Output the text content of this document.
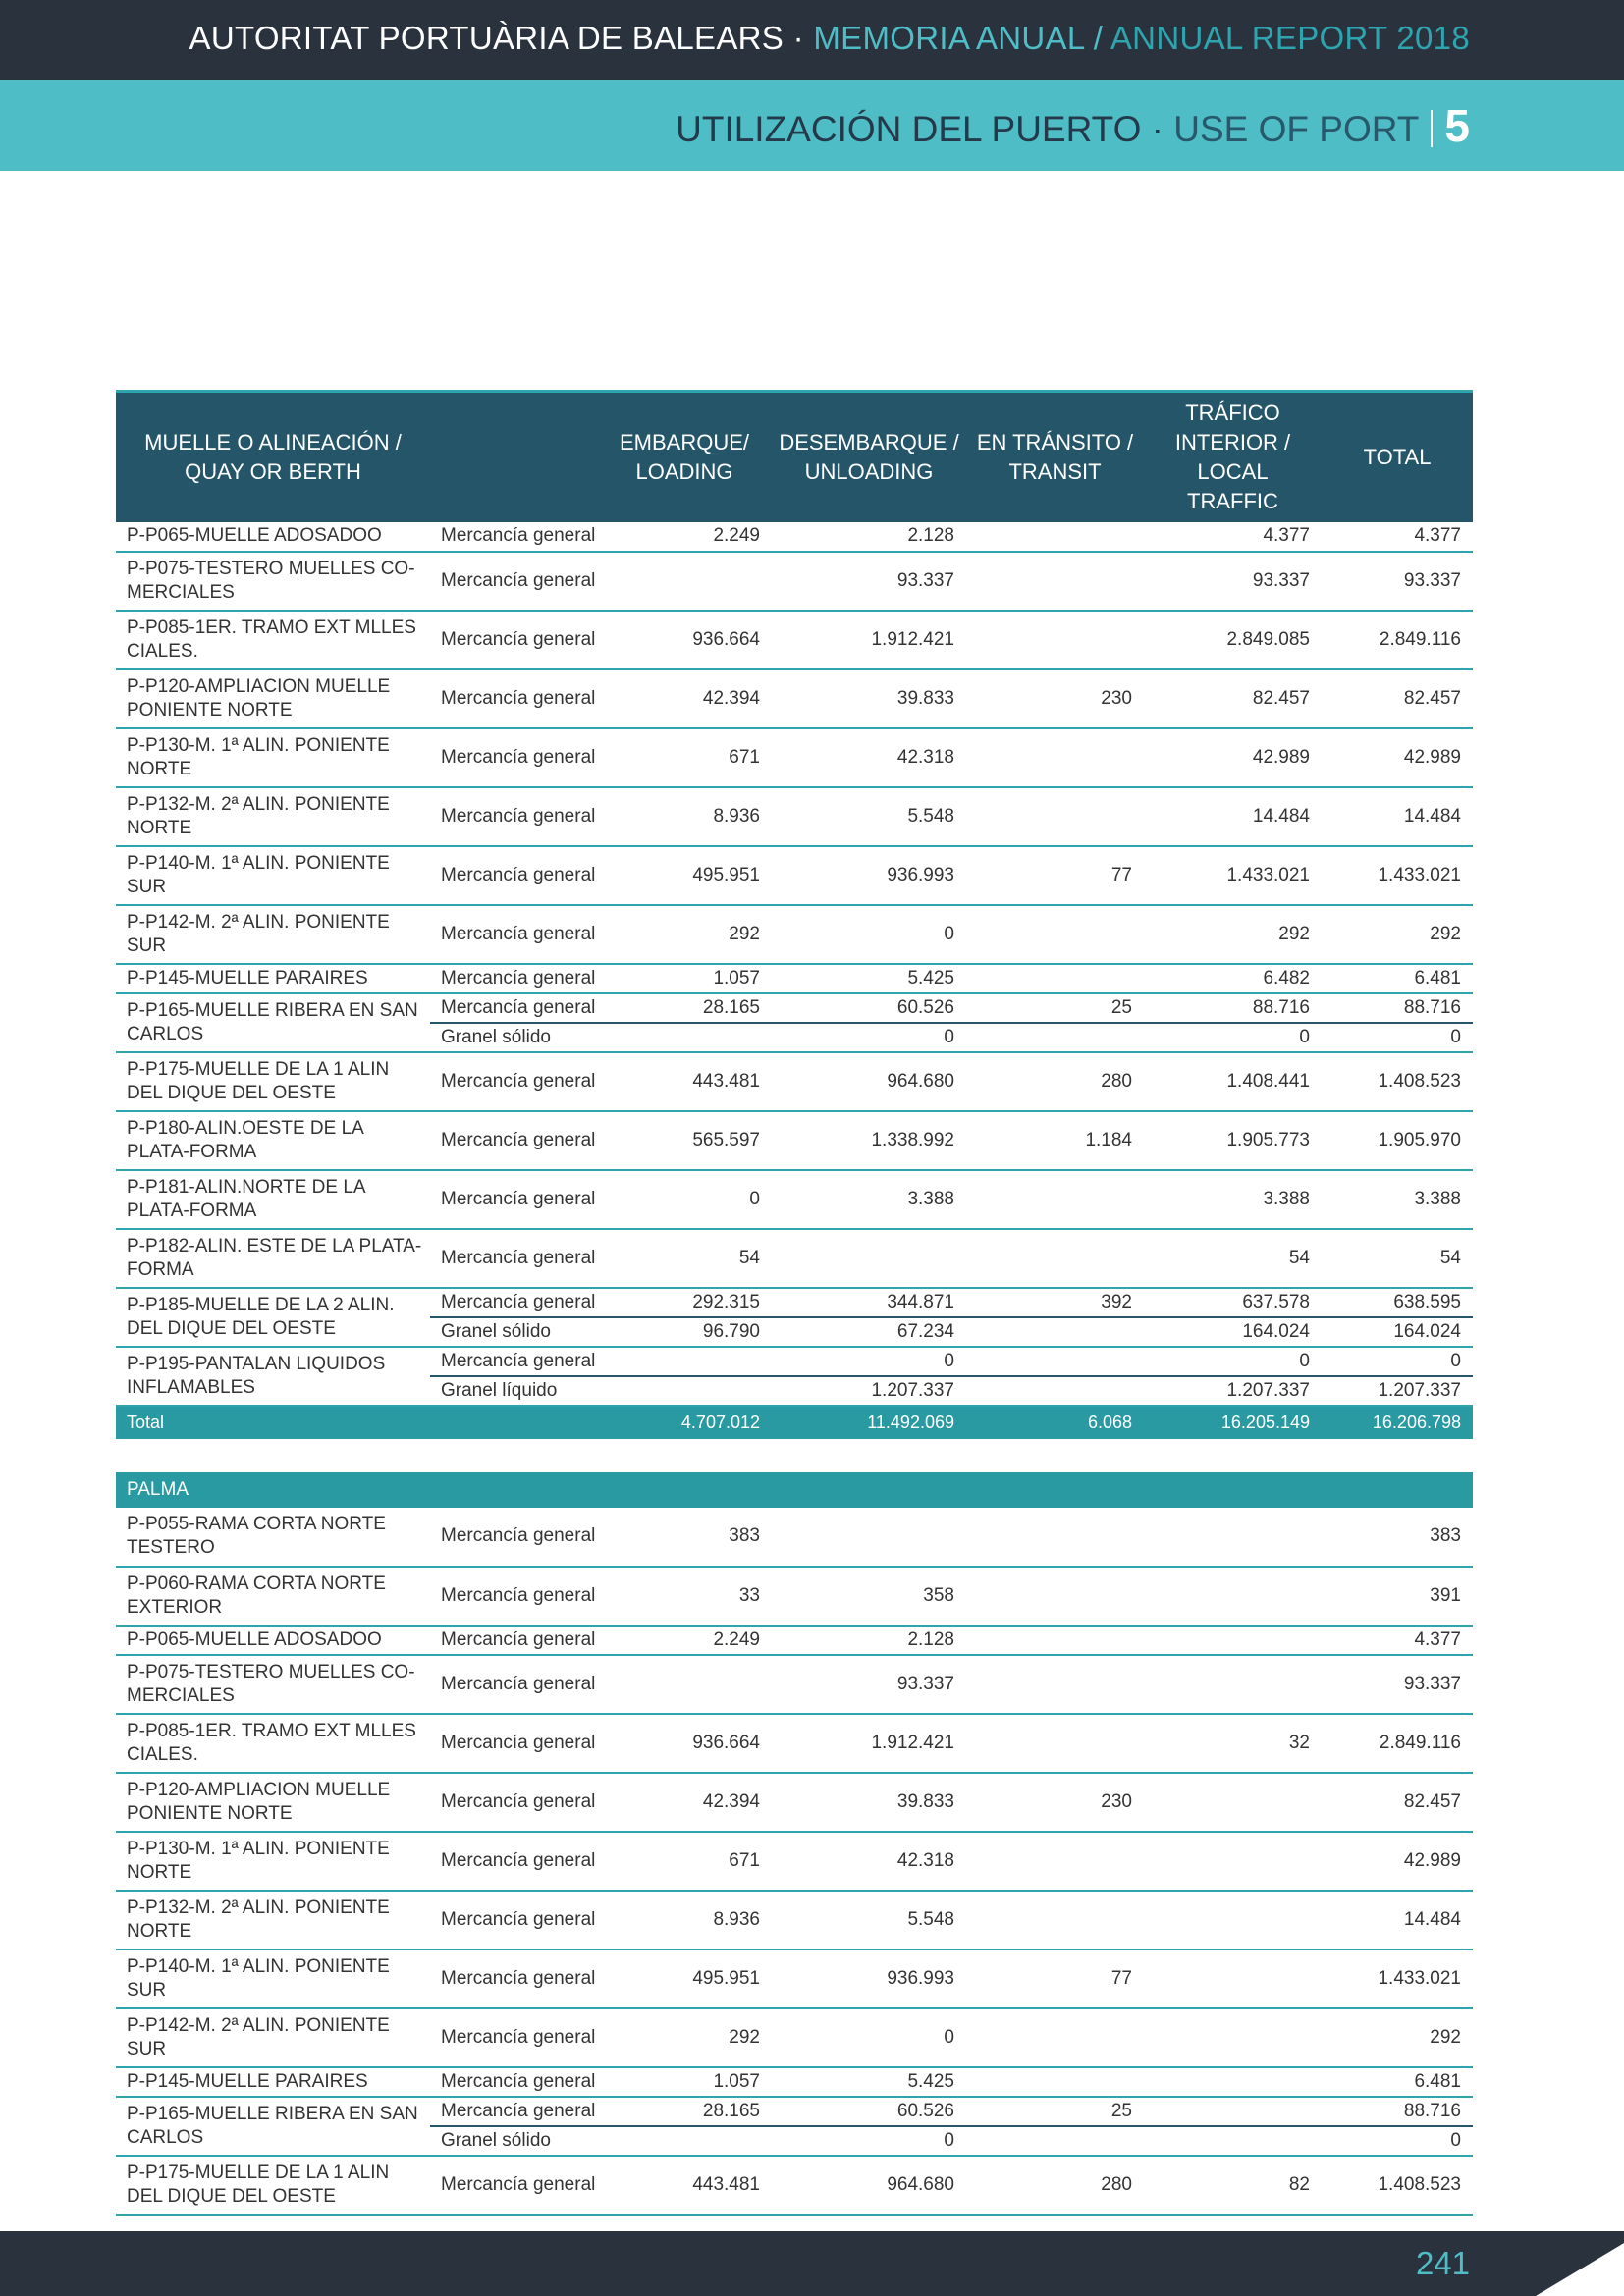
AUTORITAT PORTUÀRIA DE BALEARS · MEMORIA ANUAL / ANNUAL REPORT 2018
UTILIZACIÓN DEL PUERTO · USE OF PORT 5
MUELLE O ALINEACIÓN / QUAY OR BERTH		EMBARQUE/ LOADING	DESEMBARQUE / UNLOADING	EN TRÁNSITO / TRANSIT	TRÁFICO INTERIOR / LOCAL TRAFFIC	TOTAL
P-P065-MUELLE ADOSADOO	Mercancía general	2.249	2.128		4.377	4.377
P-P075-TESTERO MUELLES CO-MERCIALES	Mercancía general		93.337		93.337	93.337
P-P085-1ER. TRAMO EXT MLLES CIALES.	Mercancía general	936.664	1.912.421		2.849.085	2.849.116
P-P120-AMPLIACION MUELLE PONIENTE NORTE	Mercancía general	42.394	39.833	230	82.457	82.457
P-P130-M. 1ª ALIN. PONIENTE NORTE	Mercancía general	671	42.318		42.989	42.989
P-P132-M. 2ª ALIN. PONIENTE NORTE	Mercancía general	8.936	5.548		14.484	14.484
P-P140-M. 1ª ALIN. PONIENTE SUR	Mercancía general	495.951	936.993	77	1.433.021	1.433.021
P-P142-M. 2ª ALIN. PONIENTE SUR	Mercancía general	292	0		292	292
P-P145-MUELLE PARAIRES	Mercancía general	1.057	5.425		6.482	6.481
P-P165-MUELLE RIBERA EN SAN CARLOS	Mercancía general	28.165	60.526	25	88.716	88.716
	Granel sólido		0		0	0
P-P175-MUELLE DE LA 1 ALIN DEL DIQUE DEL OESTE	Mercancía general	443.481	964.680	280	1.408.441	1.408.523
P-P180-ALIN.OESTE DE LA PLATA-FORMA	Mercancía general	565.597	1.338.992	1.184	1.905.773	1.905.970
P-P181-ALIN.NORTE DE LA PLATA-FORMA	Mercancía general	0	3.388		3.388	3.388
P-P182-ALIN. ESTE DE LA PLATA-FORMA	Mercancía general	54			54	54
P-P185-MUELLE DE LA 2 ALIN. DEL DIQUE DEL OESTE	Mercancía general	292.315	344.871	392	637.578	638.595
	Granel sólido	96.790	67.234		164.024	164.024
P-P195-PANTALAN LIQUIDOS INFLAMABLES	Mercancía general		0		0	0
	Granel líquido		1.207.337		1.207.337	1.207.337
Total		4.707.012	11.492.069	6.068	16.205.149	16.206.798

PALMA						
P-P055-RAMA CORTA NORTE TESTERO	Mercancía general	383				383
P-P060-RAMA CORTA NORTE EXTERIOR	Mercancía general	33	358			391
P-P065-MUELLE ADOSADOO	Mercancía general	2.249	2.128			4.377
P-P075-TESTERO MUELLES CO-MERCIALES	Mercancía general		93.337			93.337
P-P085-1ER. TRAMO EXT MLLES CIALES.	Mercancía general	936.664	1.912.421		32	2.849.116
P-P120-AMPLIACION MUELLE PONIENTE NORTE	Mercancía general	42.394	39.833	230		82.457
P-P130-M. 1ª ALIN. PONIENTE NORTE	Mercancía general	671	42.318			42.989
P-P132-M. 2ª ALIN. PONIENTE NORTE	Mercancía general	8.936	5.548			14.484
P-P140-M. 1ª ALIN. PONIENTE SUR	Mercancía general	495.951	936.993	77		1.433.021
P-P142-M. 2ª ALIN. PONIENTE SUR	Mercancía general	292	0			292
P-P145-MUELLE PARAIRES	Mercancía general	1.057	5.425			6.481
P-P165-MUELLE RIBERA EN SAN CARLOS	Mercancía general	28.165	60.526	25		88.716
	Granel sólido		0			0
P-P175-MUELLE DE LA 1 ALIN DEL DIQUE DEL OESTE	Mercancía general	443.481	964.680	280	82	1.408.523
241
